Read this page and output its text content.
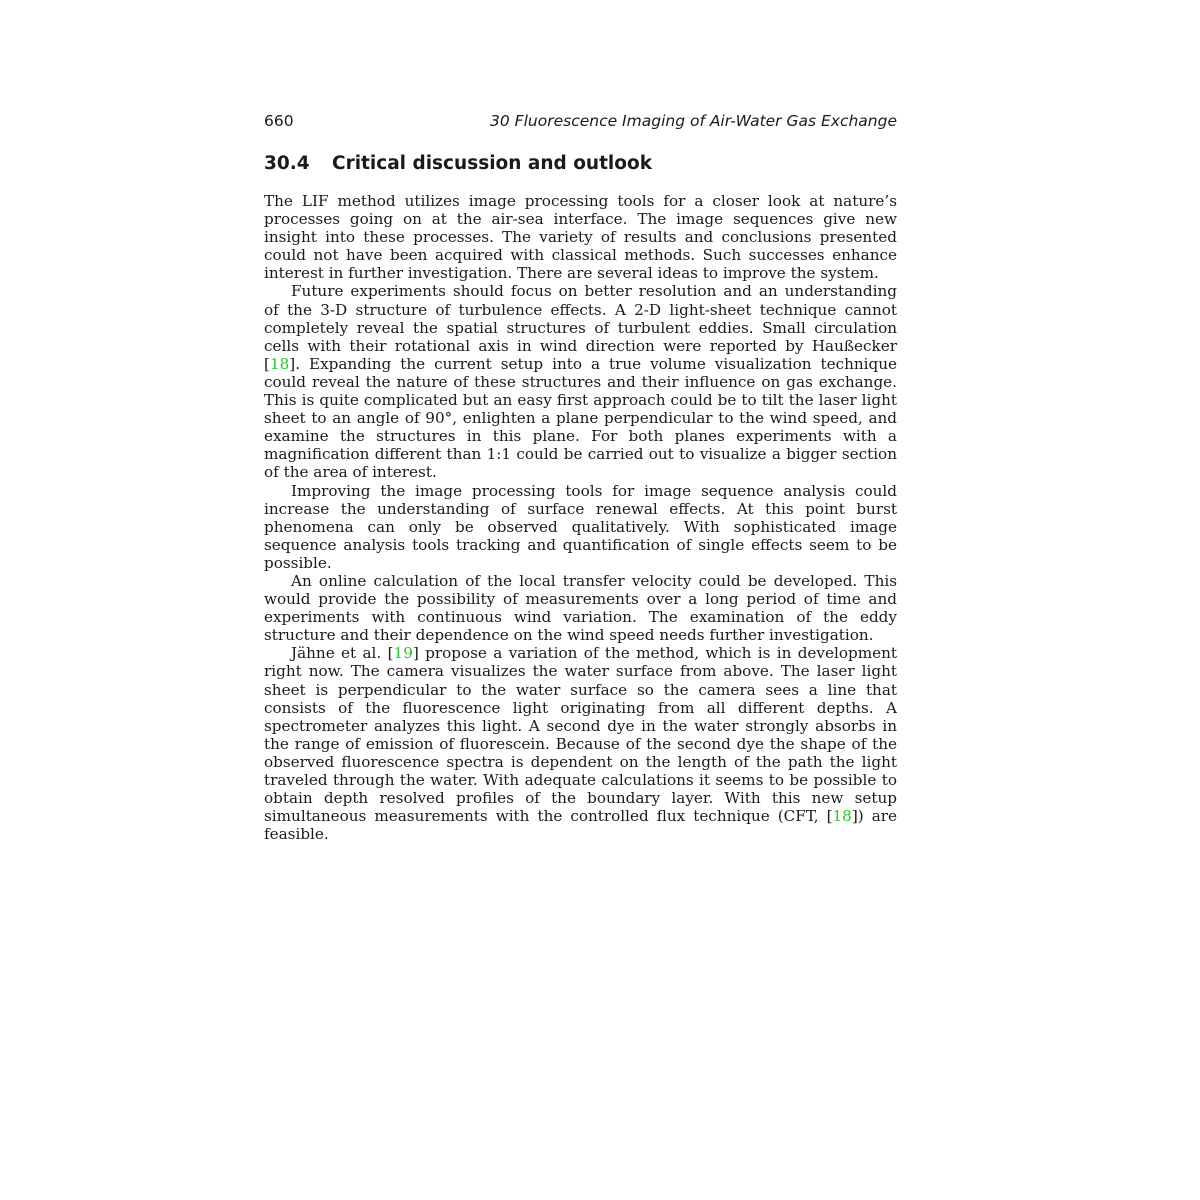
660	30 Fluorescence Imaging of Air-Water Gas Exchange
30.4 Critical discussion and outlook

The LIF method utilizes image processing tools for a closer look at nature’s processes going on at the air-sea interface. The image sequences give new insight into these processes. The variety of results and conclusions presented could not have been acquired with classical methods. Such successes enhance interest in further investigation. There are several ideas to improve the system.

Future experiments should focus on better resolution and an understanding of the 3-D structure of turbulence effects. A 2-D light-sheet technique cannot completely reveal the spatial structures of turbulent eddies. Small circulation cells with their rotational axis in wind direction were reported by Haußecker [18]. Expanding the current setup into a true volume visualization technique could reveal the nature of these structures and their influence on gas exchange. This is quite complicated but an easy first approach could be to tilt the laser light sheet to an angle of 90°, enlighten a plane perpendicular to the wind speed, and examine the structures in this plane. For both planes experiments with a magnification different than 1:1 could be carried out to visualize a bigger section of the area of interest.

Improving the image processing tools for image sequence analysis could increase the understanding of surface renewal effects. At this point burst phenomena can only be observed qualitatively. With sophisticated image sequence analysis tools tracking and quantification of single effects seem to be possible.

An online calculation of the local transfer velocity could be developed. This would provide the possibility of measurements over a long period of time and experiments with continuous wind variation. The examination of the eddy structure and their dependence on the wind speed needs further investigation.

Jähne et al. [19] propose a variation of the method, which is in development right now. The camera visualizes the water surface from above. The laser light sheet is perpendicular to the water surface so the camera sees a line that consists of the fluorescence light originating from all different depths. A spectrometer analyzes this light. A second dye in the water strongly absorbs in the range of emission of fluorescein. Because of the second dye the shape of the observed fluorescence spectra is dependent on the length of the path the light traveled through the water. With adequate calculations it seems to be possible to obtain depth resolved profiles of the boundary layer. With this new setup simultaneous measurements with the controlled flux technique (CFT, [18]) are feasible.
